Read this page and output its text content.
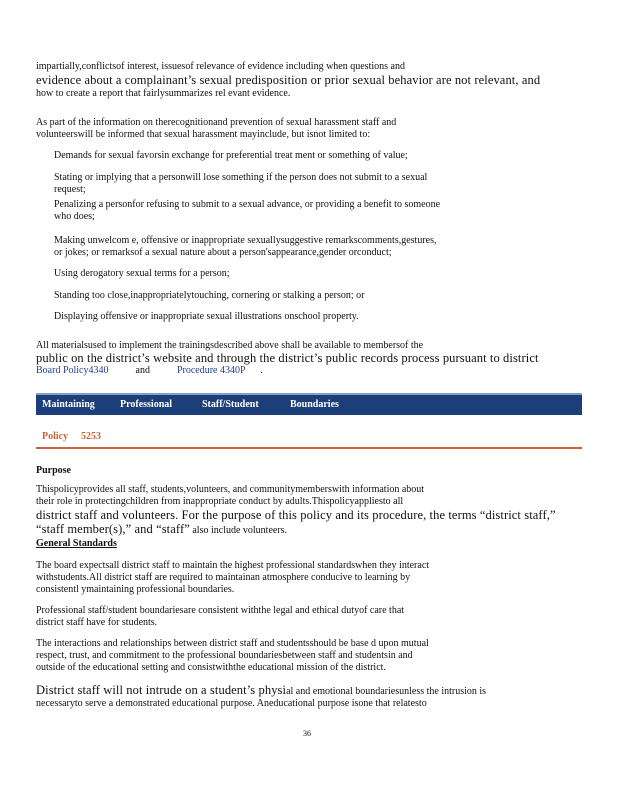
impartially,conflictsof interest, issuesof relevance of evidence including when questions and
evidence about a complainant’s sexual predisposition or prior sexual behavior are not relevant, and
how to create a report that fairlysummarizes rel evant evidence.
As part of the information on therecognitionand prevention of sexual harassment staff and
volunteerswill be informed that sexual harassment mayinclude, but isnot limited to:
Demands for sexual favorsin exchange for preferential treat ment or something of value;
Stating or implying that a personwill lose something if the person does not submit to a sexual
request;
Penalizing a personfor refusing to submit to a sexual advance, or providing a benefit to someone
who does;
Making unwelcom e, offensive or inappropriate sexuallysuggestive remarkscomments,gestures,
or jokes; or remarksof a sexual nature about a person'sappearance,gender orconduct;
Using derogatory sexual terms for a person;
Standing too close,inappropriatelytouching, cornering or stalking a person; or
Displaying offensive or inappropriate sexual illustrations onschool property.
All materialsused to implement the trainingsdescribed above shall be available to membersof the
public on the district’s website and through the district’s public records process pursuant to district
Board Policy4340	and	Procedure 4340P .
Maintaining	Professional	Staff/Student	Boundaries
Policy 5253
Purpose
Thispolicyprovides all staff, students,volunteers, and communitymemberswith information about
their role in protectingchildren from inappropriate conduct by adults.Thispolicyappliesto all
district staff and volunteers. For the purpose of this policy and its procedure, the terms “district staff,”
“staff member(s),” and “staff” also include volunteers.
General Standards
The board expectsall district staff to maintain the highest professional standardswhen they interact
withstudents.All district staff are required to maintainan atmosphere conducive to learning by
consistentl ymaintaining professional boundaries.
Professional staff/student boundariesare consistent withthe legal and ethical dutyof care that
district staff have for students.
The interactions and relationships between district staff and studentsshould be base d upon mutual
respect, trust, and commitment to the professional boundariesbetween staff and studentsin and
outside of the educational setting and consistwiththe educational mission of the district.
District staff will not intrude on a student’s physial and emotional boundariesunless the intrusion is
necessaryto serve a demonstrated educational purpose. Aneducational purpose isone that relatesto
36
